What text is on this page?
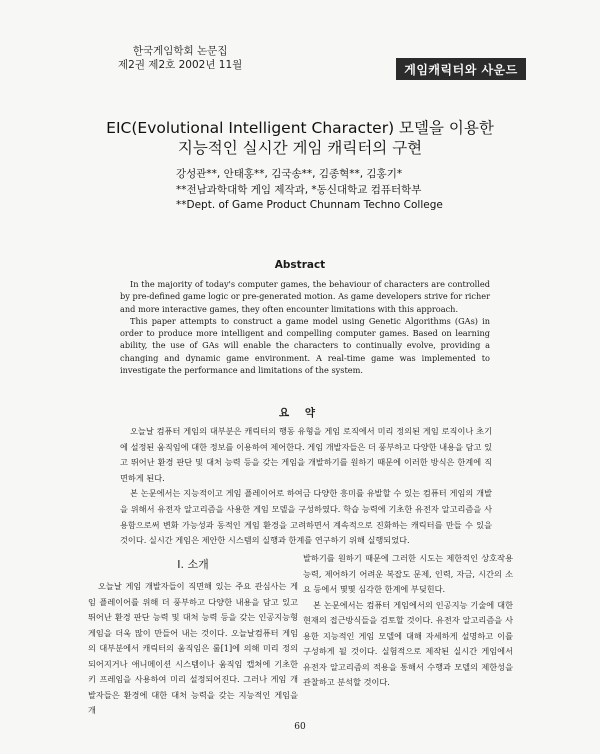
한국게임학회 논문집
제2권 제2호 2002년 11월	게임캐릭터와 사운드
EIC(Evolutional Intelligent Character) 모델을 이용한
지능적인 실시간 게임 캐릭터의 구현
강성관**, 안태홍**, 김국송**, 김종혁**, 김홍기*
**전남과학대학 게임 제작과, *동신대학교 컴퓨터학부
**Dept. of Game Product Chunnam Techno College
Abstract

In the majority of today's computer games, the behaviour of characters are controlled by pre-defined game logic or pre-generated motion. As game developers strive for richer and more interactive games, they often encounter limitations with this approach.

This paper attempts to construct a game model using Genetic Algorithms (GAs) in order to produce more intelligent and compelling computer games. Based on learning ability, the use of GAs will enable the characters to continually evolve, providing a changing and dynamic game environment. A real-time game was implemented to investigate the performance and limitations of the system.

요 약

오늘날 컴퓨터 게임의 대부분은 캐릭터의 행동 유형을 게임 로직에서 미리 정의된 게임 로직이나 초기에 설정된 움직임에 대한 정보를 이용하여 제어한다. 게임 개발자들은 더 풍부하고 다양한 내용을 담고 있고 뛰어난 환경 판단 및 대처 능력 등을 갖는 게임을 개발하기를 원하기 때문에 이러한 방식은 한계에 직면하게 된다.

본 논문에서는 지능적이고 게임 플레이어로 하여금 다양한 흥미를 유발할 수 있는 컴퓨터 게임의 개발을 위해서 유전자 알고리즘을 사용한 게임 모델을 구성하였다. 학습 능력에 기초한 유전자 알고리즘을 사용함으로써 변화 가능성과 동적인 게임 환경을 고려하면서 계속적으로 진화하는 캐릭터를 만들 수 있을 것이다. 실시간 게임은 제안한 시스템의 실행과 한계를 연구하기 위해 실행되었다.

I. 소개

오늘날 게임 개발자들이 직면해 있는 주요 관심사는 게임 플레이어를 위해 더 풍부하고 다양한 내용을 담고 있고 뛰어난 환경 판단 능력 및 대처 능력 등을 갖는 인공지능형 게임을 더욱 많이 만들어 내는 것이다. 오늘날컴퓨터 게임의 대부분에서 캐릭터의 움직임은 룰[1]에 의해 미리 정의되어지거나 애니메이션 시스템이나 움직임 캡쳐에 기초한 키 프레임을 사용하여 미리 설정되어진다. 그러나 게임 개발자들은 환경에 대한 대처 능력을 갖는 지능적인 게임을 개

발하기를 원하기 때문에 그러한 시도는 제한적인 상호작용 능력, 제어하기 어려운 복잡도 문제, 인력, 자금, 시간의 소요 등에서 몇몇 심각한 한계에 부딪힌다.

본 논문에서는 컴퓨터 게임에서의 인공지능 기술에 대한 현재의 접근방식들을 검토할 것이다. 유전자 알고리즘을 사용한 지능적인 게임 모델에 대해 자세하게 설명하고 이를 구성하게 될 것이다. 실험적으로 제작된 실시간 게임에서 유전자 알고리즘의 적용을 통해서 수행과 모델의 제한성을 관찰하고 분석할 것이다.

60
